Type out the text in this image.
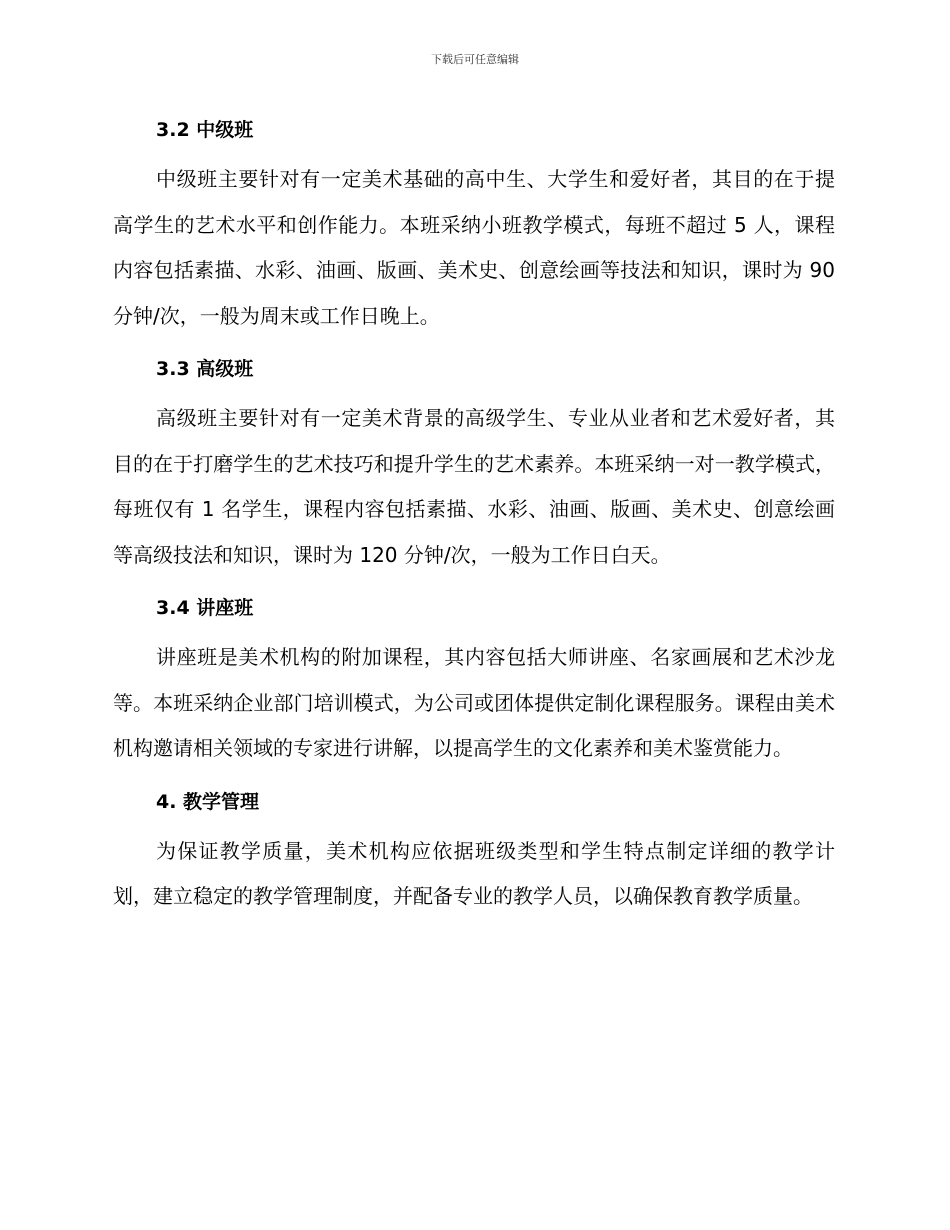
下载后可任意编辑
3.2 中级班

中级班主要针对有一定美术基础的高中生、大学生和爱好者，其目的在于提高学生的艺术水平和创作能力。本班采纳小班教学模式，每班不超过 5 人，课程内容包括素描、水彩、油画、版画、美术史、创意绘画等技法和知识，课时为 90 分钟/次，一般为周末或工作日晚上。

3.3 高级班

高级班主要针对有一定美术背景的高级学生、专业从业者和艺术爱好者，其目的在于打磨学生的艺术技巧和提升学生的艺术素养。本班采纳一对一教学模式，每班仅有 1 名学生，课程内容包括素描、水彩、油画、版画、美术史、创意绘画等高级技法和知识，课时为 120 分钟/次，一般为工作日白天。

3.4 讲座班

讲座班是美术机构的附加课程，其内容包括大师讲座、名家画展和艺术沙龙等。本班采纳企业部门培训模式，为公司或团体提供定制化课程服务。课程由美术机构邀请相关领域的专家进行讲解，以提高学生的文化素养和美术鉴赏能力。

4. 教学管理

为保证教学质量，美术机构应依据班级类型和学生特点制定详细的教学计划，建立稳定的教学管理制度，并配备专业的教学人员，以确保教育教学质量。
